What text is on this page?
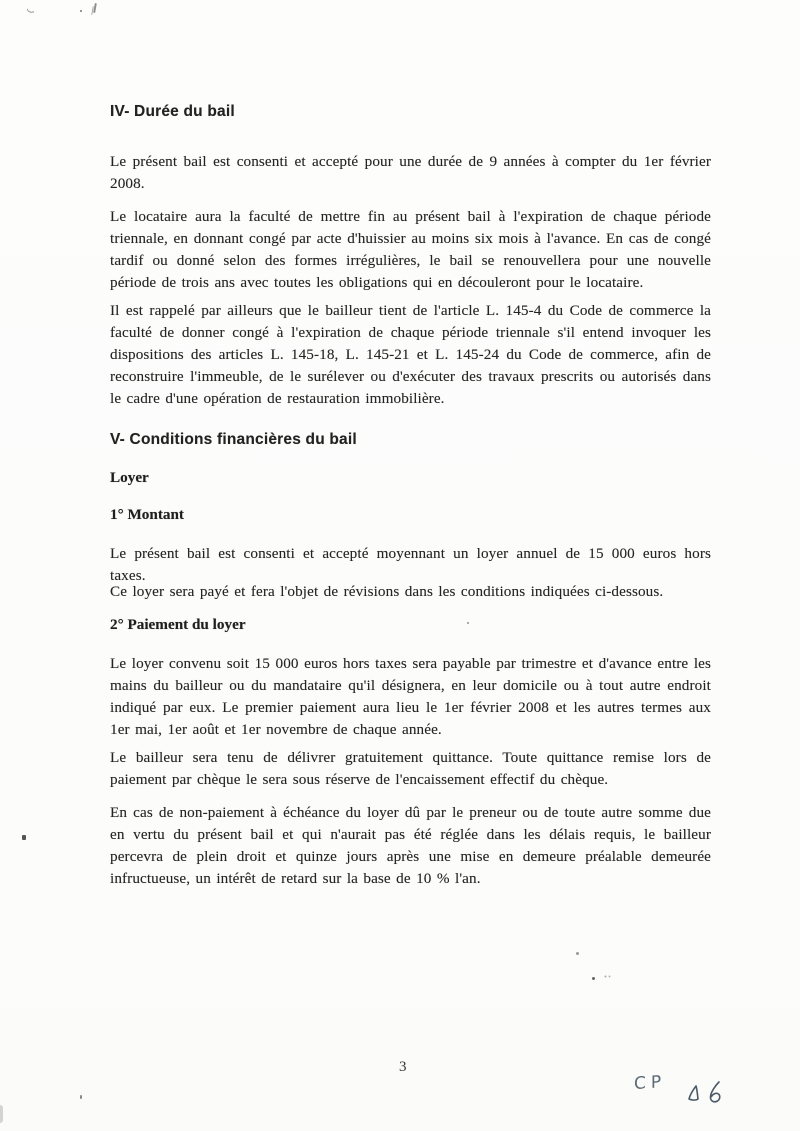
IV- Durée du bail

Le présent bail est consenti et accepté pour une durée de 9 années à compter du 1er février 2008.

Le locataire aura la faculté de mettre fin au présent bail à l'expiration de chaque période triennale, en donnant congé par acte d'huissier au moins six mois à l'avance. En cas de congé tardif ou donné selon des formes irrégulières, le bail se renouvellera pour une nouvelle période de trois ans avec toutes les obligations qui en découleront pour le locataire.

Il est rappelé par ailleurs que le bailleur tient de l'article L. 145-4 du Code de commerce la faculté de donner congé à l'expiration de chaque période triennale s'il entend invoquer les dispositions des articles L. 145-18, L. 145-21 et L. 145-24 du Code de commerce, afin de reconstruire l'immeuble, de le surélever ou d'exécuter des travaux prescrits ou autorisés dans le cadre d'une opération de restauration immobilière.

V- Conditions financières du bail
Loyer
1° Montant

Le présent bail est consenti et accepté moyennant un loyer annuel de 15 000 euros hors taxes.

Ce loyer sera payé et fera l'objet de révisions dans les conditions indiquées ci-dessous.

2° Paiement du loyer

Le loyer convenu soit 15 000 euros hors taxes sera payable par trimestre et d'avance entre les mains du bailleur ou du mandataire qu'il désignera, en leur domicile ou à tout autre endroit indiqué par eux. Le premier paiement aura lieu le 1er février 2008 et les autres termes aux 1er mai, 1er août et 1er novembre de chaque année.

Le bailleur sera tenu de délivrer gratuitement quittance. Toute quittance remise lors de paiement par chèque le sera sous réserve de l'encaissement effectif du chèque.

En cas de non-paiement à échéance du loyer dû par le preneur ou de toute autre somme due en vertu du présent bail et qui n'aurait pas été réglée dans les délais requis, le bailleur percevra de plein droit et quinze jours après une mise en demeure préalable demeurée infructueuse, un intérêt de retard sur la base de 10 % l'an.

3
CP
